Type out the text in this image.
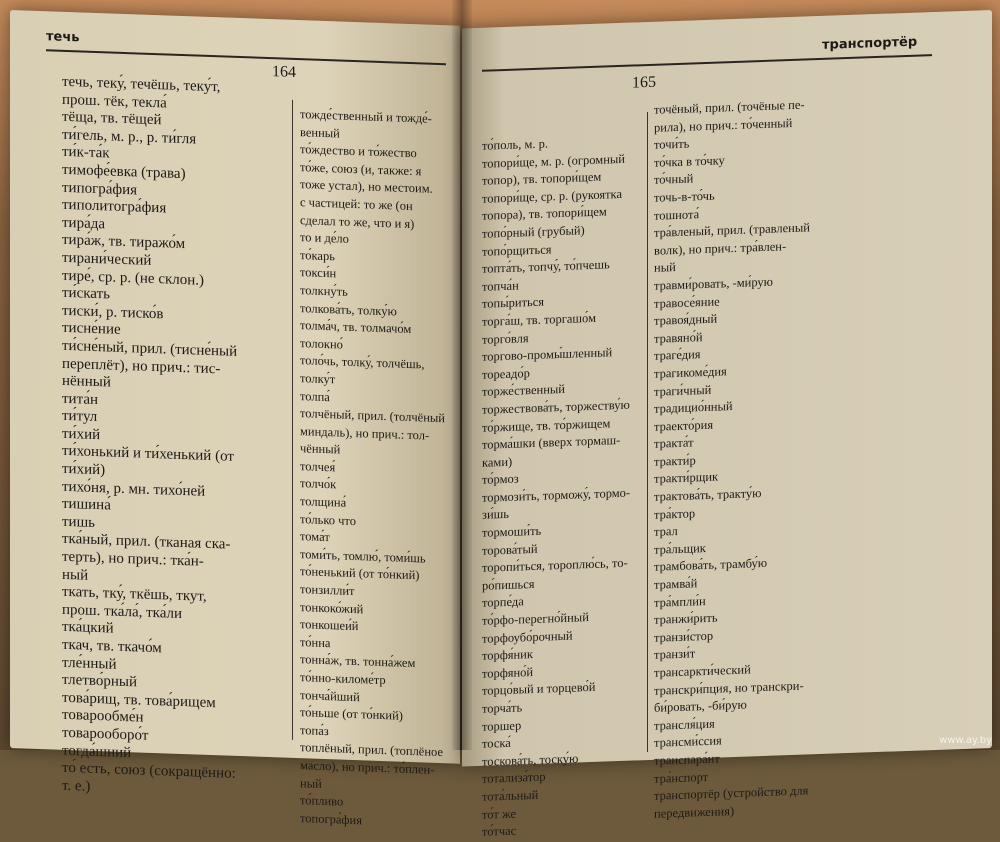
течь
164
течь, теку́, течёшь, теку́т,
прош. тёк, текла́
тёща, тв. тёщей
ти́гель, м. р., р. ти́гля
ти́к-та́к
тимофе́евка (трава)
типогра́фия
типолитогра́фия
тира́да
тира́ж, тв. тиражо́м
тирани́ческий
тире́, ср. р. (не склон.)
ти́скать
тиски́, р. тиско́в
тисне́ние
ти́сне́ный, прил. (тисне́ный
переплёт), но прич.: тис-
нённый
тита́н
ти́тул
ти́хий
ти́хонький и ти́хенький (от
ти́хий)
тихо́ня, р. мн. тихо́ней
тишина́
тишь
тка́ный, прил. (тканая ска-
терть), но прич.: тка́н-
ный
ткать, тку́, ткёшь, ткут,
прош. тка́ла́, тка́ли
тка́цкий
ткач, тв. ткачо́м
тле́нный
тлетво́рный
това́рищ, тв. това́рищем
товарообме́н
товарооборо́т
тогда́шний
то́ есть, союз (сокращённо:
т. е.)
тожде́ственный и тожде́-
венный
то́ждество и то́жество
то́же, союз (и, также: я
тоже устал), но местоим.
с частицей: то же (он
сделал то же, что и я)
то и де́ло
то́карь
токси́н
толкну́ть
толкова́ть, толку́ю
толма́ч, тв. толмачо́м
толокно́
толо́чь, толку́, толчёшь,
толку́т
толпа́
толчёный, прил. (толчёный
миндаль), но прич.: тол-
чённый
толчея́
толчо́к
толщина́
то́лько что
тома́т
томи́ть, томлю́, томи́шь
то́ненький (от то́нкий)
тонзилли́т
тонкоко́жий
тонкошеи́й
то́нна
тонна́ж, тв. тонна́жем
то́нно-киломе́тр
тонча́йший
то́ньше (от то́нкий)
топа́з
топлёный, прил. (топлёное
масло), но прич.: то́плен-
ный
то́пливо
топогра́фия
транспортёр
165
то́поль, м. р.
топори́ще, м. р. (огромный
топор), тв. топори́щем
топори́ще, ср. р. (рукоятка
топора), тв. топори́щем
топо́рный (грубый)
топо́рщиться
топта́ть, топчу́, то́пчешь
топча́н
топы́риться
торга́ш, тв. торгашо́м
торго́вля
торгово-промы́шленный
тореадо́р
торже́ственный
торжествова́ть, торжеству́ю
то́ржище, тв. то́ржищем
торма́шки (вверх тормаш-
ками)
то́рмоз
тормози́ть, торможу́, тормо-
зи́шь
тормоши́ть
торова́тый
торопи́ться, тороплю́сь, то-
ро́пишься
торпе́да
то́рфо-перегно́йный
торфоубо́рочный
торфя́ник
торфяно́й
торцо́вый и торцево́й
торча́ть
торшер
тоска́
тоскова́ть, тоску́ю
тотализа́тор
тота́льный
то́т же
то́тчас
точёный, прил. (точёные пе-
рила), но прич.: то́ченный
точи́ть
то́чка в то́чку
то́чный
точь-в-то́чь
тошнота́
тра́вленый, прил. (травленый
волк), но прич.: тра́влен-
ный
травми́ровать, -ми́рую
травосе́яние
травоя́дный
травяно́й
траге́дия
трагикоме́дия
траги́чный
традицио́нный
траекто́рия
тракта́т
тракти́р
тракти́рщик
трактова́ть, тракту́ю
тра́ктор
трал
тра́льщик
трамбова́ть, трамбу́ю
трамва́й
тра́мпли́н
транжи́рить
транзи́стор
транзи́т
трансаркти́ческий
транскри́пция, но транскри-
би́ровать, -би́рую
трансля́ция
трансми́ссия
транспара́нт
тра́нспорт
транспортёр (устройство для
передвижения)
www.ay.by
